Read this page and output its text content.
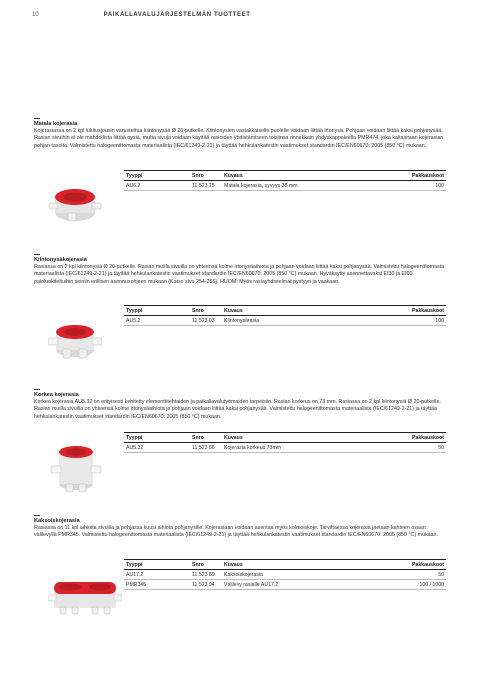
10	PAIKALLAVALUJÄRJESTELMÄN TUOTTEET
Matala kojerasia

Kojerasiassa on 2 kpl lukitusjousin varustettua kiintonysää Ø 20-putkelle. Kiintonysien vastakkaiselle puolelle voidaan liittää irtonysä. Pohjaan voidaan liittää kaksi pohjanysää. Rasian sivuihin ei ole mahdollista liittää nysiä, mutta sivuja voidaan käyttää rasioiden yhdistämiseen toisiinsa rinnakkain yhdyskappaleella PMR474, joka kaltaistaan kojerasian pohjan tasolta. Valmistettu halogeenittomasta materiaalista (IEC/61249-2-21) ja täyttää hehkulankatestin vaatimukset standardin IEC/EN60670: 2005 (850 °C) mukaan.

Tyyppi	Snro	Kuvaus	Pakkauskoot
AU6.2	11 523 15	Matala kojerasia, syvyys 38 mm	100
Kiintonysäkojerasia

Rasiassa on 2 kpl kiintonysiä Ø 20-putkelle. Rasian muilla sivuilla on yhteensä kolme irtonysäaihiota ja pohjaan voidaan liittää kaksi pohjanysää. Valmistettu halogeenittomasta materiaalista (IEC/61249-2-21) ja täyttää hehkulankatestin vaatimukset standardin IEC/EN60670: 2005 (850 °C) mukaan. Hyväksytty asennettavaksi EI30 ja EI60 paloluokiteltuihin seiniin erillisen asennusohjeen mukaan (Katso sivu 254-255). HUOM! Myös rasiayhdistelmät pystyyn ja vaakaan.

Tyyppi	Snro	Kuvaus	Pakkauskoot
AU5.2	11 523 03	Kiintonysärasia	100
Korkea kojerasia

Korkea kojerasia AU5.32 on erityisesti kehitetty elementtitehtaiden ja paikallavalutyömaiden tarpeisiin. Rasian korkeus on 73 mm. Rasiassa on 2 kpl kiintonysiä Ø 20-putkelle. Rasian muilla sivuilla on yhteensä kolme irtonysäaihiota ja pohjaan voidaan liittää kaksi pohjanysää. Valmistettu halogeenittomasta materiaalista (IEC/61249-2-21) ja täyttää hehkulankatestin vaatimukset standardin IEC/EN60670: 2005 (850 °C) mukaan.

Tyyppi	Snro	Kuvaus	Pakkauskoot
AU5.32	11 523 66	Kojerasia korkeus 73mm	50
Kaksoiskojerasia

Rasiassa on 11 kpl aihioita sivuilla ja pohjassa kuusi aihiota pohjanysille. Kojerasiaan voidaan asentaa myös kolmoiskoje. Tarvittaessa kojerasia jaetaan kahteen osaan välilevyllä PMR345. Valmistettu halogeenittomasta materiaalista (IEC/61249-2-21) ja täyttää hehkulankatestin vaatimukset standardin IEC/EN60670: 2005 (850 °C) mukaan.

Tyyppi	Snro	Kuvaus	Pakkauskoot
AU17.2	11 523 89	Kaksoiskojerasia	50
PMR345	11 523 94	Välilevy rasialle AU17.2	100 / 1000
